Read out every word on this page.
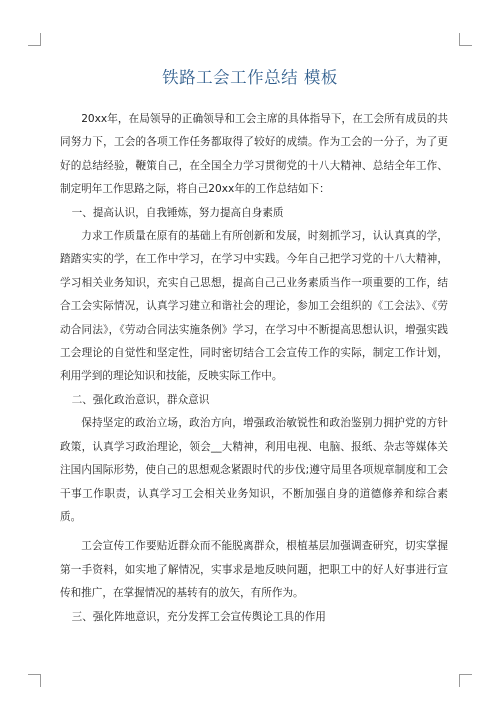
铁路工会工作总结 模板

20xx年，在局领导的正确领导和工会主席的具体指导下，在工会所有成员的共同努力下，工会的各项工作任务都取得了较好的成绩。作为工会的一分子，为了更好的总结经验，鞭策自己，在全国全力学习贯彻党的十八大精神、总结全年工作、制定明年工作思路之际，将自己20xx年的工作总结如下：

一、提高认识，自我锤炼，努力提高自身素质

力求工作质量在原有的基础上有所创新和发展，时刻抓学习，认认真真的学，踏踏实实的学，在工作中学习，在学习中实践。今年自己把学习党的十八大精神，学习相关业务知识，充实自己思想，提高自己己业务素质当作一项重要的工作，结合工会实际情况，认真学习建立和谐社会的理论，参加工会组织的《工会法》、《劳动合同法》，《劳动合同法实施条例》学习，在学习中不断提高思想认识，增强实践工会理论的自觉性和坚定性，同时密切结合工会宣传工作的实际，制定工作计划，利用学到的理论知识和技能，反映实际工作中。

二、强化政治意识，群众意识

保持坚定的政治立场，政治方向，增强政治敏锐性和政治鉴别力拥护党的方针政策，认真学习政治理论，领会__大精神，利用电视、电脑、报纸、杂志等媒体关注国内国际形势，使自己的思想观念紧跟时代的步伐;遵守局里各项规章制度和工会干事工作职责，认真学习工会相关业务知识，不断加强自身的道德修养和综合素质。

工会宣传工作要贴近群众而不能脱离群众，根植基层加强调查研究，切实掌握第一手资料，如实地了解情况，实事求是地反映问题，把职工中的好人好事进行宣传和推广，在掌握情况的基转有的放矢，有所作为。

三、强化阵地意识，充分发挥工会宣传舆论工具的作用
